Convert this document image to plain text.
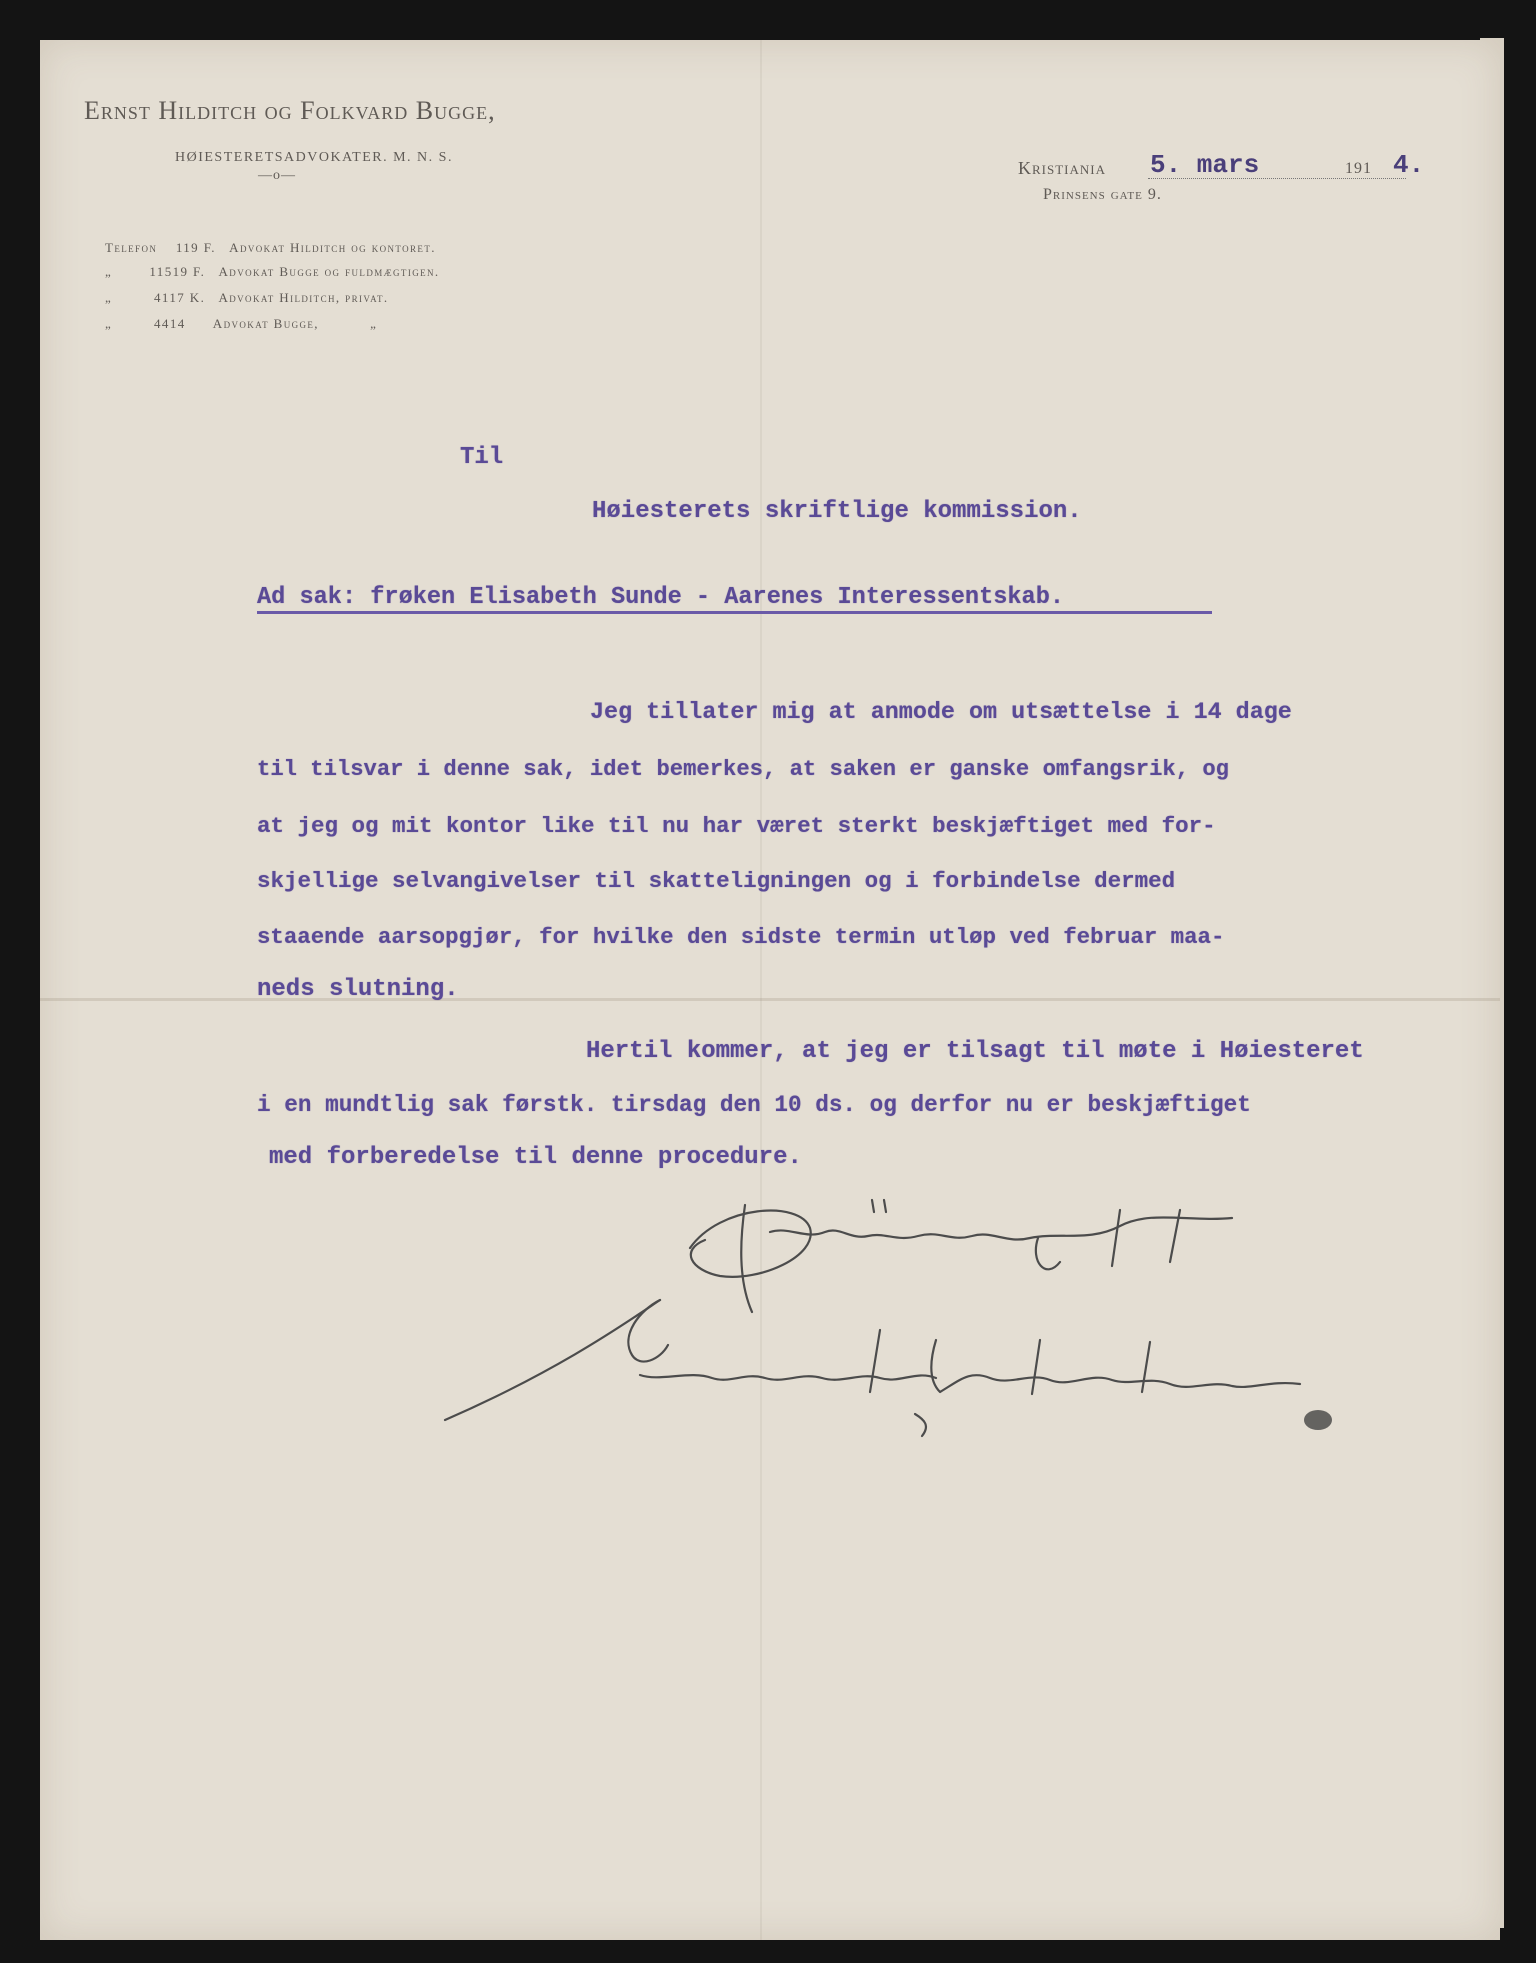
Ernst Hilditch og Folkvard Bugge,
HØIESTERETSADVOKATER. M. N. S.
—o—
Telefon    119 F.   Advokat Hilditch og kontoret.
„        11519 F.   Advokat Bugge og fuldmægtigen.
„         4117 K.   Advokat Hilditch, privat.
„         4414      Advokat Bugge,           „
Kristiania 5. mars	191 4.
Prinsens gate 9.
Til
Høiesterets skriftlige kommission.
Ad sak: frøken Elisabeth Sunde - Aarenes Interessentskab.
Jeg tillater mig at anmode om utsættelse i 14 dage
til tilsvar i denne sak, idet bemerkes, at saken er ganske omfangsrik, og
at jeg og mit kontor like til nu har været sterkt beskjæftiget med for-
skjellige selvangivelser til skatteligningen og i forbindelse dermed
staaende aarsopgjør, for hvilke den sidste termin utløp ved februar maa-
neds slutning.
Hertil kommer, at jeg er tilsagt til møte i Høiesteret
i en mundtlig sak førstk. tirsdag den 10 ds. og derfor nu er beskjæftiget
med forberedelse til denne procedure.
